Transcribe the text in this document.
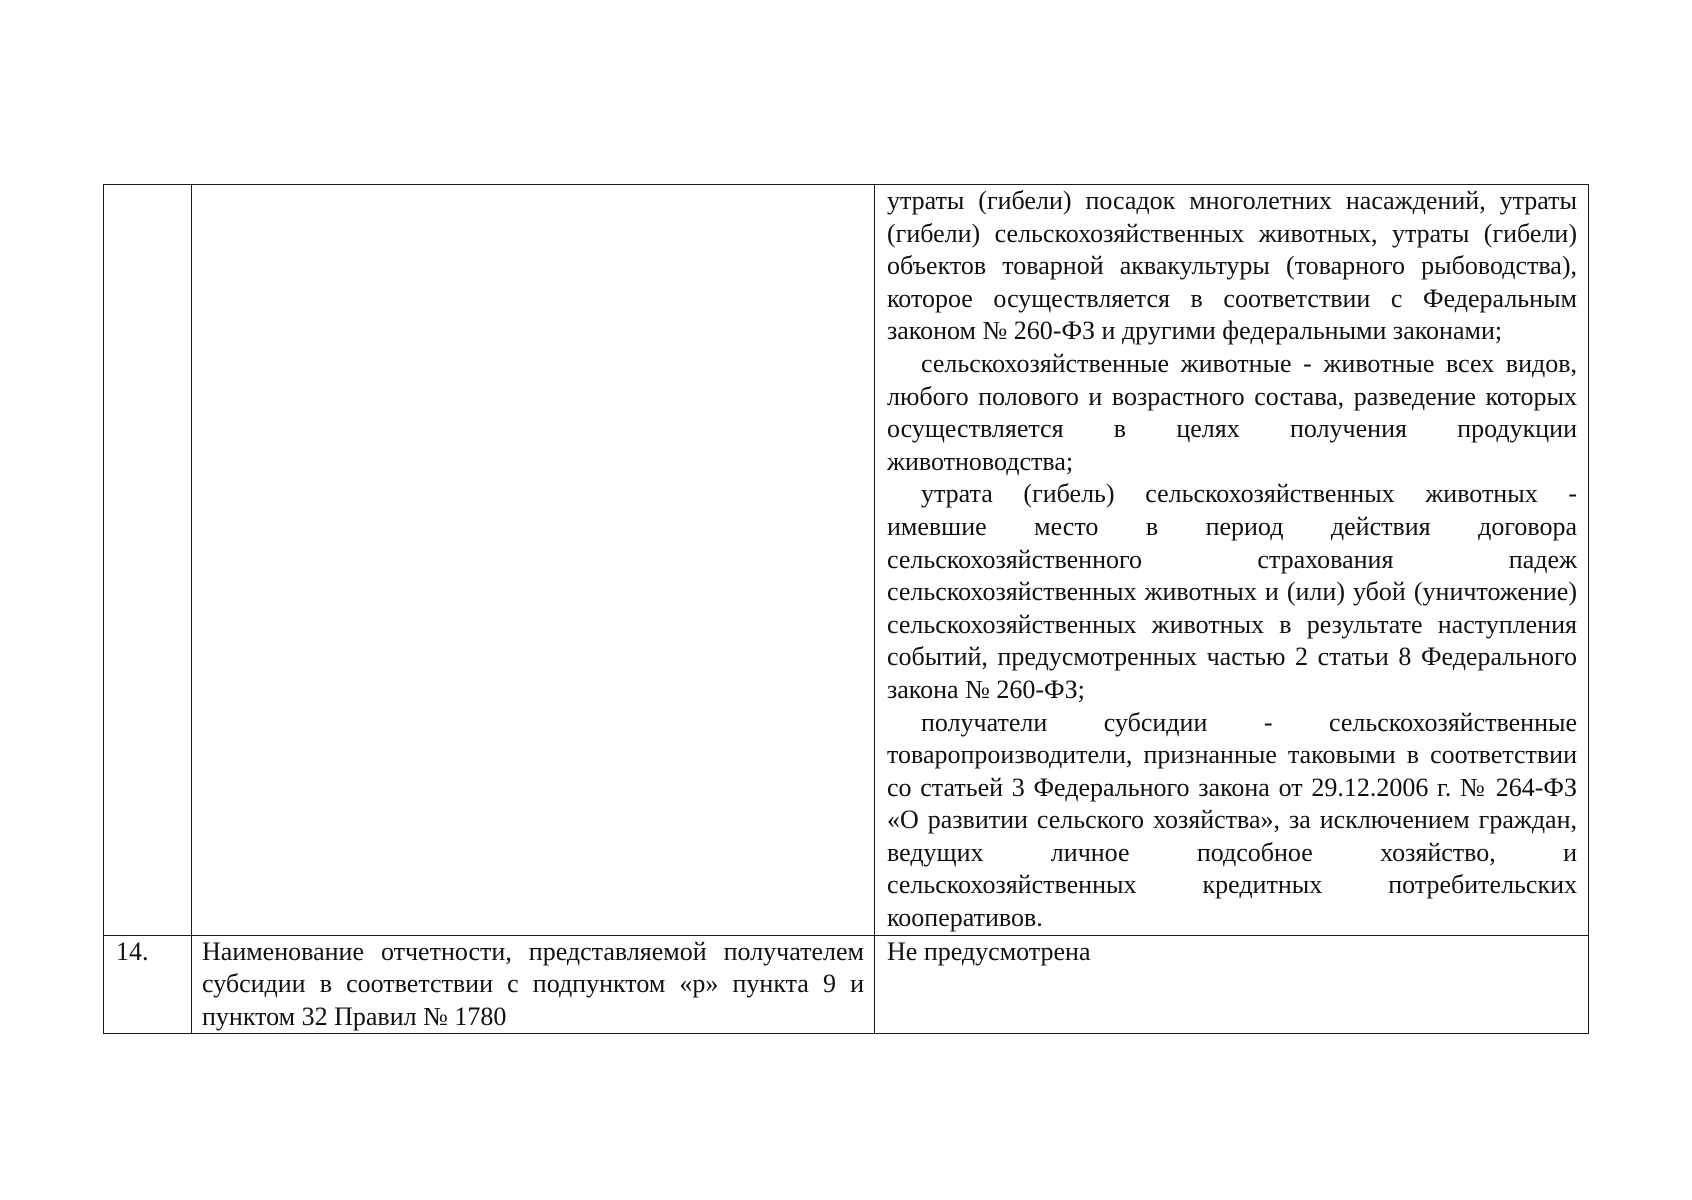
		утраты (гибели) посадок многолетних насаждений, утраты (гибели) сельскохозяйственных животных, утраты (гибели) объектов товарной аквакультуры (товарного рыбоводства), которое осуществляется в соответствии с Федеральным законом № 260-ФЗ и другими федеральными законами;

сельскохозяйственные животные - животные всех видов, любого полового и возрастного состава, разведение которых осуществляется в целях получения продукции животноводства;

утрата (гибель) сельскохозяйственных животных - имевшие место в период действия договора сельскохозяйственного страхования падеж сельскохозяйственных животных и (или) убой (уничтожение) сельскохозяйственных животных в результате наступления событий, предусмотренных частью 2 статьи 8 Федерального закона № 260-ФЗ;

получатели субсидии - сельскохозяйственные товаропроизводители, признанные таковыми в соответствии со статьей 3 Федерального закона от 29.12.2006 г. № 264-ФЗ «О развитии сельского хозяйства», за исключением граждан, ведущих личное подсобное хозяйство, и сельскохозяйственных кредитных потребительских кооперативов.

14.	Наименование отчетности, представляемой получателем субсидии в соответствии с подпунктом «р» пункта 9 и пунктом 32 Правил № 1780	Не предусмотрена
